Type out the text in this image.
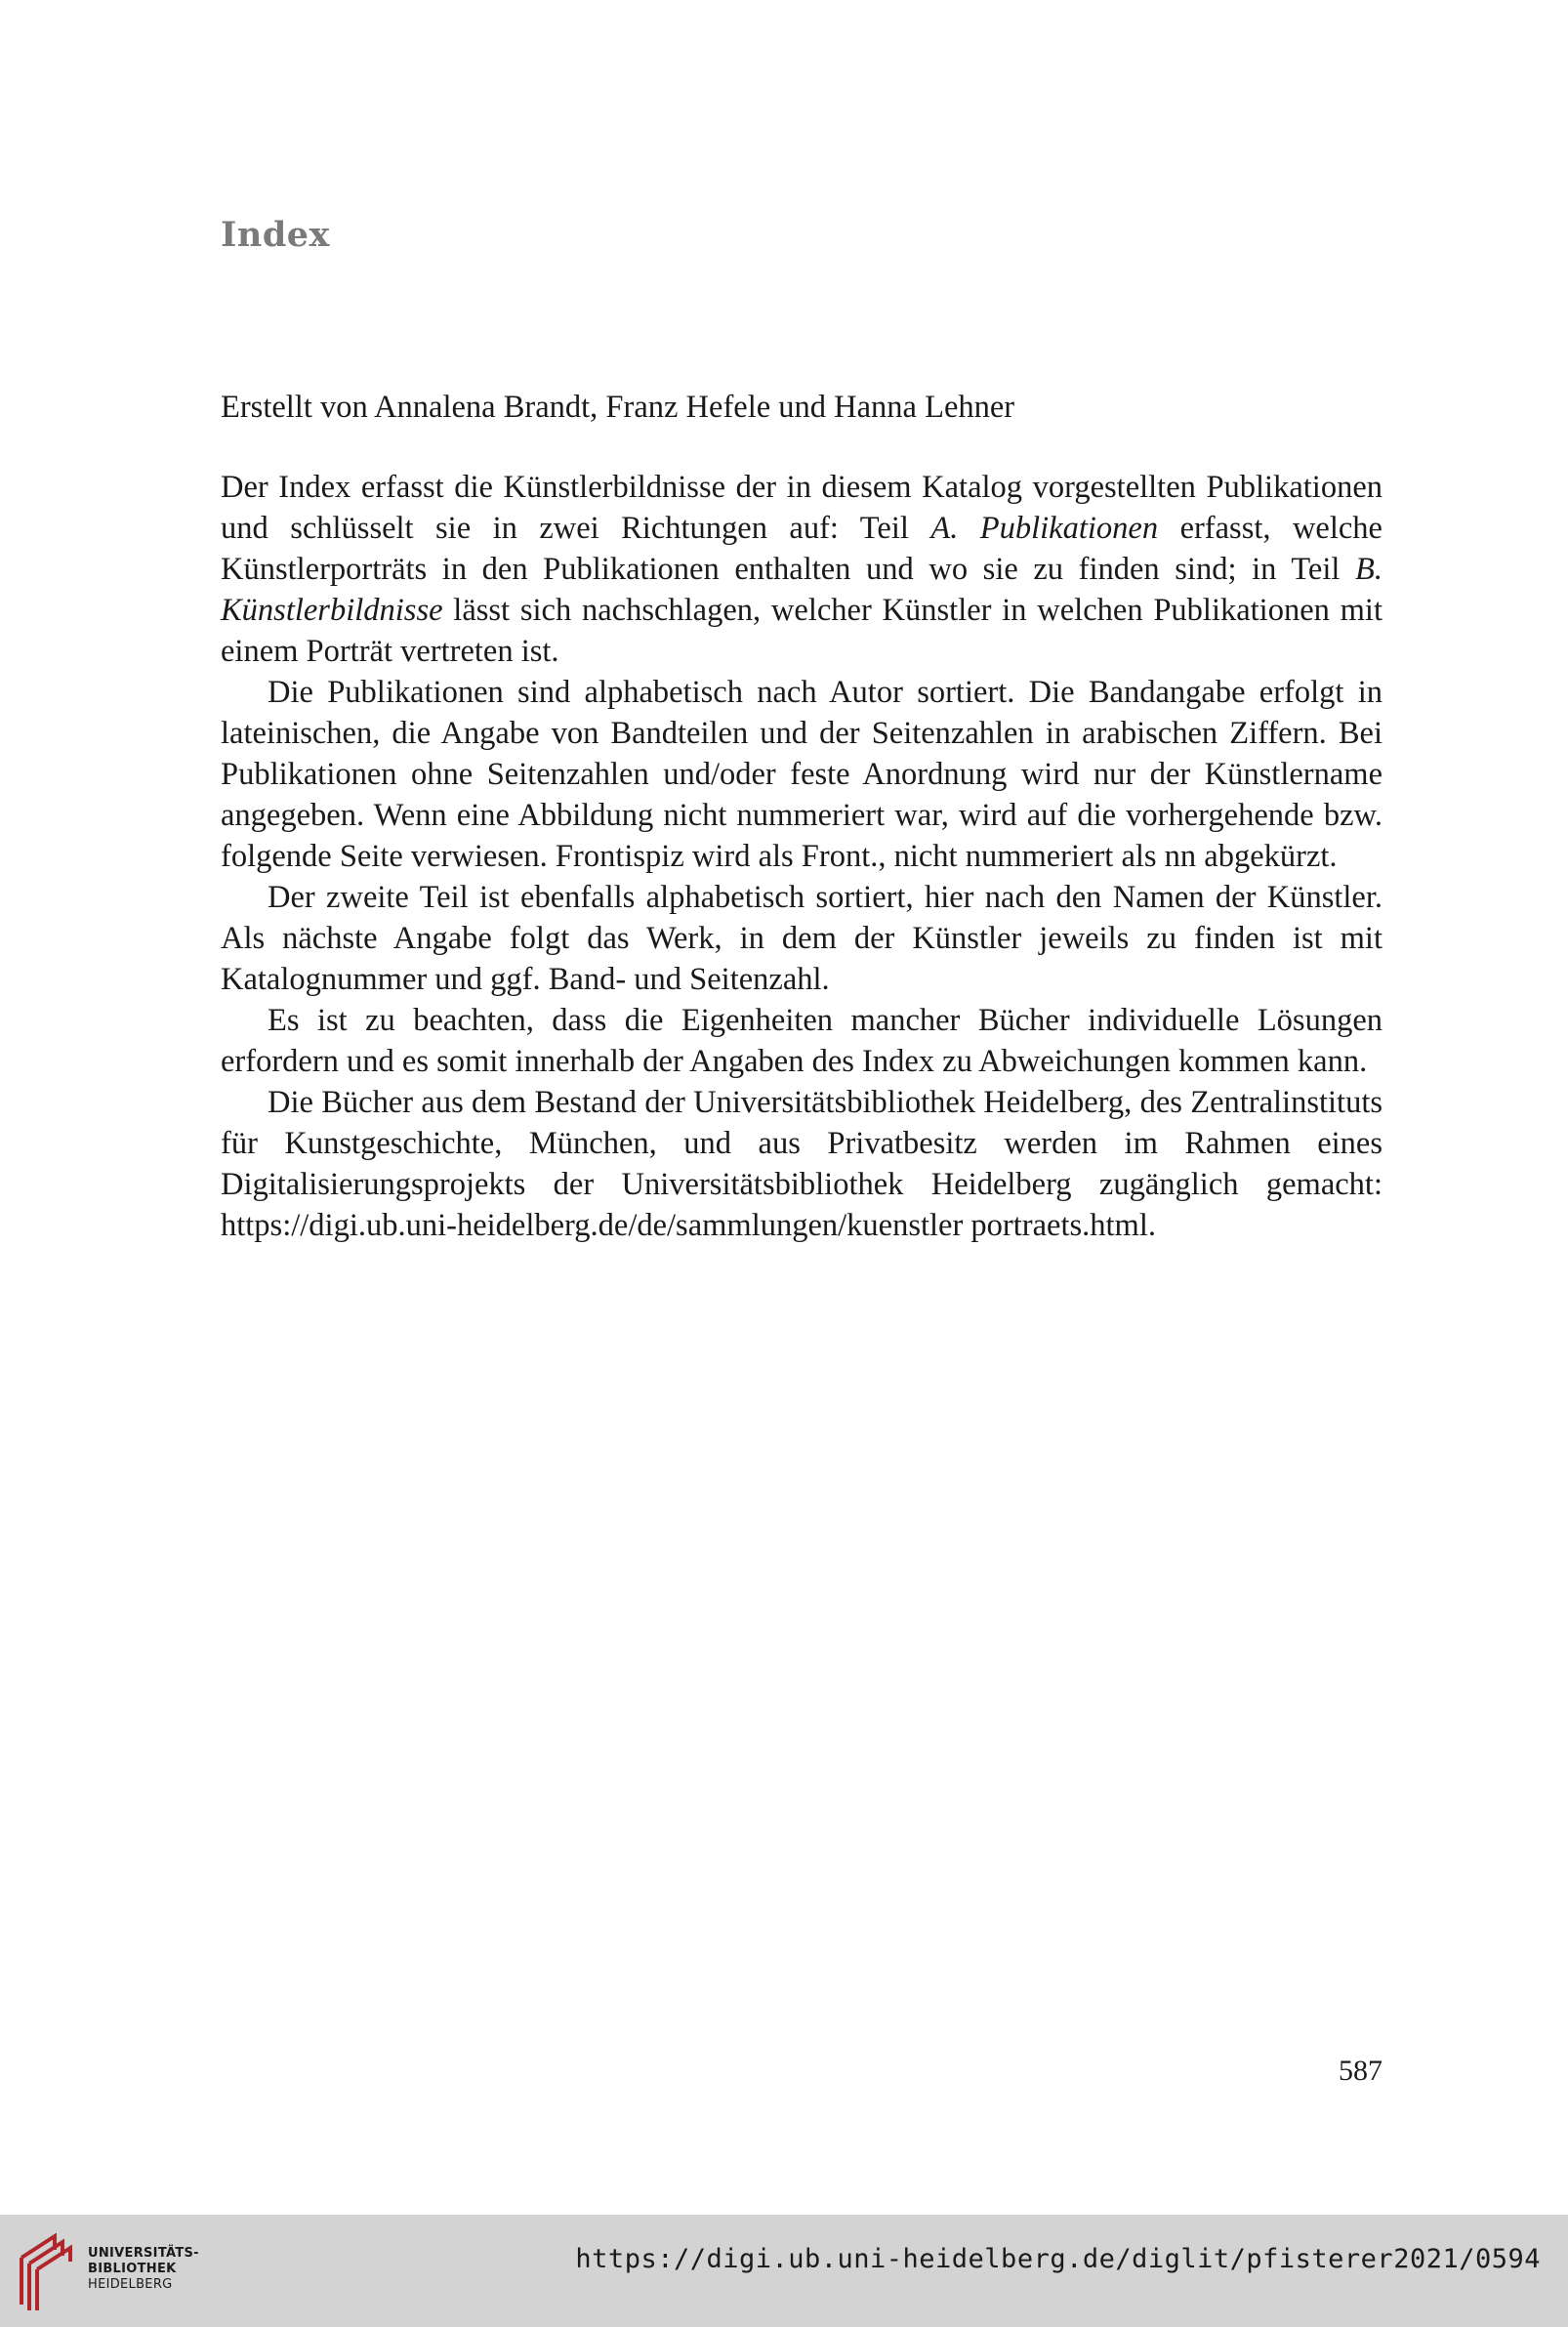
Index

Erstellt von Annalena Brandt, Franz Hefele und Hanna Lehner

Der Index erfasst die Künstlerbildnisse der in diesem Katalog vorgestellten Publikationen und schlüsselt sie in zwei Richtungen auf: Teil A. Publikationen erfasst, welche Künstlerporträts in den Publikationen enthalten und wo sie zu finden sind; in Teil B. Künstlerbildnisse lässt sich nachschlagen, welcher Künstler in welchen Publikationen mit einem Porträt vertreten ist.

Die Publikationen sind alphabetisch nach Autor sortiert. Die Bandangabe erfolgt in lateinischen, die Angabe von Bandteilen und der Seitenzahlen in arabischen Ziffern. Bei Publikationen ohne Seitenzahlen und/oder feste Anordnung wird nur der Künstlername angegeben. Wenn eine Abbildung nicht nummeriert war, wird auf die vorhergehende bzw. folgende Seite verwiesen. Frontispiz wird als Front., nicht nummeriert als nn abgekürzt.

Der zweite Teil ist ebenfalls alphabetisch sortiert, hier nach den Namen der Künstler. Als nächste Angabe folgt das Werk, in dem der Künstler jeweils zu finden ist mit Katalognummer und ggf. Band- und Seitenzahl.

Es ist zu beachten, dass die Eigenheiten mancher Bücher individuelle Lösungen erfordern und es somit innerhalb der Angaben des Index zu Abweichungen kommen kann.

Die Bücher aus dem Bestand der Universitätsbibliothek Heidelberg, des Zentralinstituts für Kunstgeschichte, München, und aus Privatbesitz werden im Rahmen eines Digitalisierungsprojekts der Universitätsbibliothek Heidelberg zugänglich gemacht: https://digi.ub.uni-heidelberg.de/de/sammlungen/kuenstler portraets.html.

587

UNIVERSITÄTS-
BIBLIOTHEK
HEIDELBERG
https://digi.ub.uni-heidelberg.de/diglit/pfisterer2021/0594
